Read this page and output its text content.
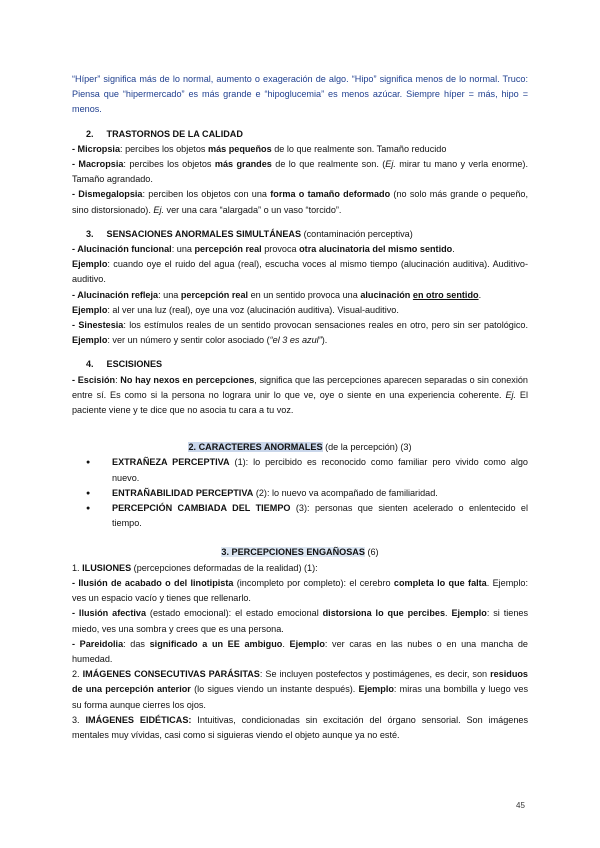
“Híper” significa más de lo normal, aumento o exageración de algo. “Hipo” significa menos de lo normal. Truco: Piensa que “hipermercado” es más grande e “hipoglucemia” es menos azúcar. Siempre híper = más, hipo = menos.

2. TRASTORNOS DE LA CALIDAD

- Micropsia: percibes los objetos más pequeños de lo que realmente son. Tamaño reducido

- Macropsia: percibes los objetos más grandes de lo que realmente son. (Ej. mirar tu mano y verla enorme). Tamaño agrandado.

- Dismegalopsia: perciben los objetos con una forma o tamaño deformado (no solo más grande o pequeño, sino distorsionado). Ej. ver una cara “alargada” o un vaso “torcido”.

3. SENSACIONES ANORMALES SIMULTÁNEAS (contaminación perceptiva)

- Alucinación funcional: una percepción real provoca otra alucinatoria del mismo sentido.

Ejemplo: cuando oye el ruido del agua (real), escucha voces al mismo tiempo (alucinación auditiva). Auditivo-auditivo.

- Alucinación refleja: una percepción real en un sentido provoca una alucinación en otro sentido.

Ejemplo: al ver una luz (real), oye una voz (alucinación auditiva). Visual-auditivo.

- Sinestesia: los estímulos reales de un sentido provocan sensaciones reales en otro, pero sin ser patológico. Ejemplo: ver un número y sentir color asociado (“el 3 es azul”).

4. ESCISIONES

- Escisión: No hay nexos en percepciones, significa que las percepciones aparecen separadas o sin conexión entre sí. Es como si la persona no lograra unir lo que ve, oye o siente en una experiencia coherente. Ej. El paciente viene y te dice que no asocia tu cara a tu voz.

2. CARACTERES ANORMALES (de la percepción) (3)

● EXTRAÑEZA PERCEPTIVA (1): lo percibido es reconocido como familiar pero vivido como algo nuevo.
● ENTRAÑABILIDAD PERCEPTIVA (2): lo nuevo va acompañado de familiaridad.
● PERCEPCIÓN CAMBIADA DEL TIEMPO (3): personas que sienten acelerado o enlentecido el tiempo.

3. PERCEPCIONES ENGAÑOSAS (6)

1. ILUSIONES (percepciones deformadas de la realidad) (1):

- Ilusión de acabado o del linotipista (incompleto por completo): el cerebro completa lo que falta. Ejemplo: ves un espacio vacío y tienes que rellenarlo.

- Ilusión afectiva (estado emocional): el estado emocional distorsiona lo que percibes. Ejemplo: si tienes miedo, ves una sombra y crees que es una persona.

- Pareidolia: das significado a un EE ambiguo. Ejemplo: ver caras en las nubes o en una mancha de humedad.

2. IMÁGENES CONSECUTIVAS PARÁSITAS: Se incluyen postefectos y postimágenes, es decir, son residuos de una percepción anterior (lo sigues viendo un instante después). Ejemplo: miras una bombilla y luego ves su forma aunque cierres los ojos.

3. IMÁGENES EIDÉTICAS: Intuitivas, condicionadas sin excitación del órgano sensorial. Son imágenes mentales muy vívidas, casi como si siguieras viendo el objeto aunque ya no esté.

45
